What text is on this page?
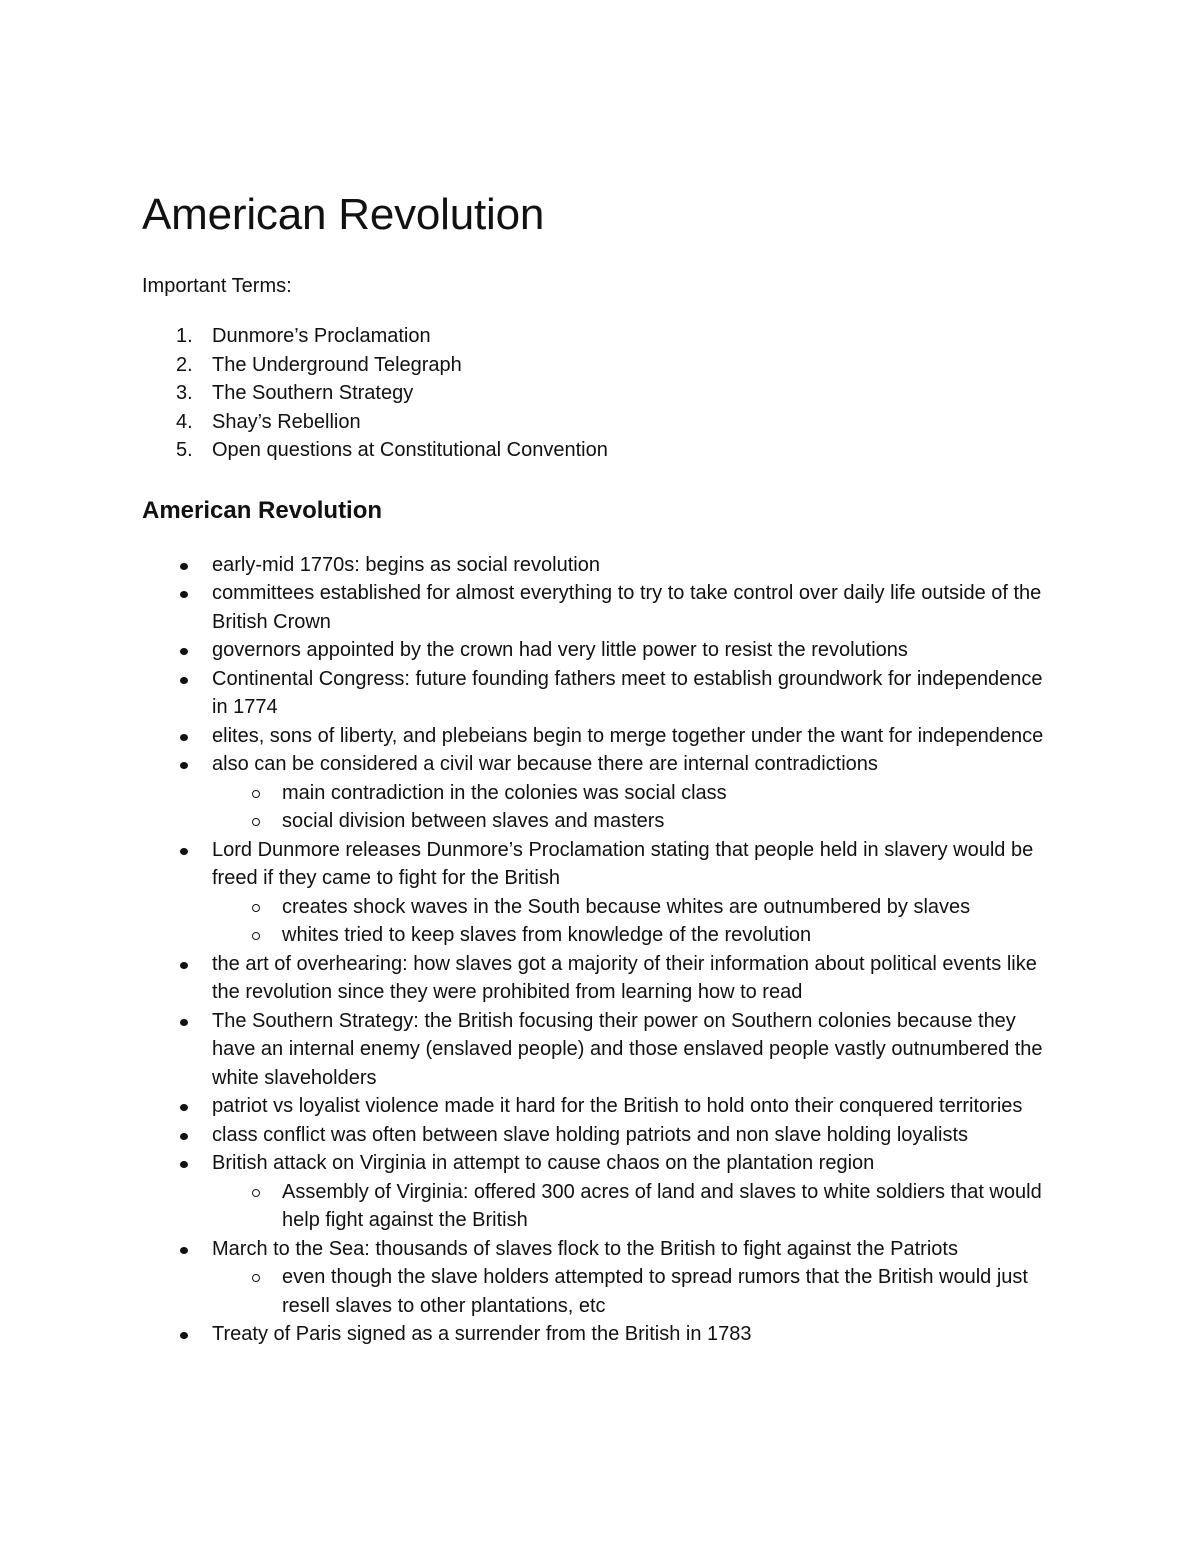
American Revolution

Important Terms:

1. Dunmore’s Proclamation
2. The Underground Telegraph
3. The Southern Strategy
4. Shay’s Rebellion
5. Open questions at Constitutional Convention
American Revolution
early-mid 1770s: begins as social revolution
committees established for almost everything to try to take control over daily life outside of the British Crown
governors appointed by the crown had very little power to resist the revolutions
Continental Congress: future founding fathers meet to establish groundwork for independence in 1774
elites, sons of liberty, and plebeians begin to merge together under the want for independence
also can be considered a civil war because there are internal contradictions
main contradiction in the colonies was social class
social division between slaves and masters
Lord Dunmore releases Dunmore’s Proclamation stating that people held in slavery would be freed if they came to fight for the British
creates shock waves in the South because whites are outnumbered by slaves
whites tried to keep slaves from knowledge of the revolution
the art of overhearing: how slaves got a majority of their information about political events like the revolution since they were prohibited from learning how to read
The Southern Strategy: the British focusing their power on Southern colonies because they have an internal enemy (enslaved people) and those enslaved people vastly outnumbered the white slaveholders
patriot vs loyalist violence made it hard for the British to hold onto their conquered territories
class conflict was often between slave holding patriots and non slave holding loyalists
British attack on Virginia in attempt to cause chaos on the plantation region
Assembly of Virginia: offered 300 acres of land and slaves to white soldiers that would help fight against the British
March to the Sea: thousands of slaves flock to the British to fight against the Patriots
even though the slave holders attempted to spread rumors that the British would just resell slaves to other plantations, etc
Treaty of Paris signed as a surrender from the British in 1783
